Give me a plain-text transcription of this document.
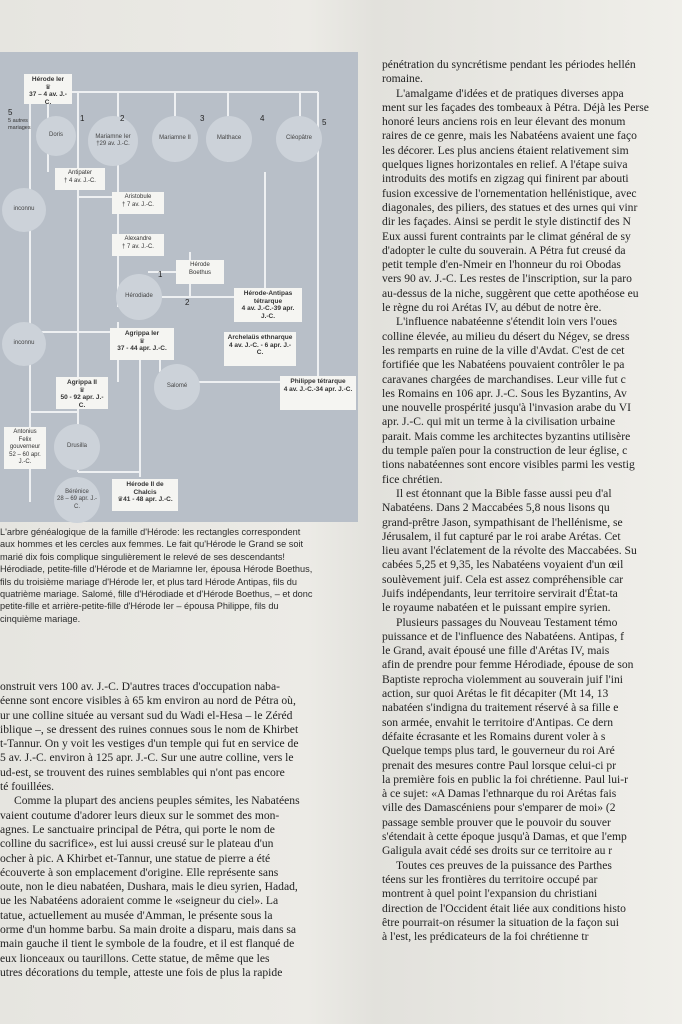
Hérode Ier
♛
37 – 4 av. J.-C.
Antipater
† 4 av. J.-C.
Aristobule
† 7 av. J.-C.
Alexandre
† 7 av. J.-C.
Hérode Boethus
Hérode-Antipas tétrarque
4 av. J.-C.-39 apr. J.-C.
Agrippa Ier
♛
37 - 44 apr. J.-C.
Archelaüs ethnarque
4 av. J.-C. - 6 apr. J.-C.
Agrippa II
♛
50 - 92 apr. J.-C.
Philippe tétrarque
4 av. J.-C.-34 apr. J.-C.
Antonius Felix gouverneur
52 – 60 apr. J.-C.
Hérode II de Chalcis
♛41 - 48 apr. J.-C.
Doris	Mariamne Ier
†29 av. J.-C.
Mariamne II	Malthace	Cléopâtre
inconnu
Hérodiade
inconnu
Salomé
Drusilla
Bérénice
28 – 69 apr. J.-C.
5
5 autres mariages
1	2	3	4	5
1
2

L'arbre généalogique de la famille d'Hérode: les rectangles correspondent

aux hommes et les cercles aux femmes. Le fait qu'Hérode le Grand se soit

marié dix fois complique singulièrement le relevé de ses descendants!

Hérodiade, petite-fille d'Hérode et de Mariamne Ier, épousa Hérode Boethus,

fils du troisième mariage d'Hérode Ier, et plus tard Hérode Antipas, fils du

quatrième mariage. Salomé, fille d'Hérodiade et d'Hérode Boethus, – et donc

petite-fille et arrière-petite-fille d'Hérode Ier – épousa Philippe, fils du

cinquième mariage.

onstruit vers 100 av. J.-C. D'autres traces d'occupation naba-
éenne sont encore visibles à 65 km environ au nord de Pétra où,
ur une colline située au versant sud du Wadi el-Hesa – le Zéréd
iblique –, se dressent des ruines connues sous le nom de Khirbet
t-Tannur. On y voit les vestiges d'un temple qui fut en service de
5 av. J.-C. environ à 125 apr. J.-C. Sur une autre colline, vers le
ud-est, se trouvent des ruines semblables qui n'ont pas encore
té fouillées.
Comme la plupart des anciens peuples sémites, les Nabatéens
vaient coutume d'adorer leurs dieux sur le sommet des mon-
agnes. Le sanctuaire principal de Pétra, qui porte le nom de
colline du sacrifice», est lui aussi creusé sur le plateau d'un
ocher à pic. A Khirbet et-Tannur, une statue de pierre a été
écouverte à son emplacement d'origine. Elle représente sans
oute, non le dieu nabatéen, Dushara, mais le dieu syrien, Hadad,
ue les Nabatéens adoraient comme le «seigneur du ciel». La
tatue, actuellement au musée d'Amman, le présente sous la
orme d'un homme barbu. Sa main droite a disparu, mais dans sa
main gauche il tient le symbole de la foudre, et il est flanqué de
eux lionceaux ou taurillons. Cette statue, de même que les
utres décorations du temple, atteste une fois de plus la rapide
pénétration du syncrétisme pendant les périodes hellén
romaine.
L'amalgame d'idées et de pratiques diverses appa
ment sur les façades des tombeaux à Pétra. Déjà les Perse
honoré leurs anciens rois en leur élevant des monum
raires de ce genre, mais les Nabatéens avaient une faço
les décorer. Les plus anciens étaient relativement sim
quelques lignes horizontales en relief. A l'étape suiva
introduits des motifs en zigzag qui finirent par abouti
fusion excessive de l'ornementation hellénistique, avec
diagonales, des piliers, des statues et des urnes qui vinr
dir les façades. Ainsi se perdit le style distinctif des N
Eux aussi furent contraints par le climat général de sy
d'adopter le culte du souverain. A Pétra fut creusé da
petit temple d'en-Nmeir en l'honneur du roi Obodas
vers 90 av. J.-C. Les restes de l'inscription, sur la paro
au-dessus de la niche, suggèrent que cette apothéose eu
le règne du roi Arétas IV, au début de notre ère.
L'influence nabatéenne s'étendit loin vers l'oues
colline élevée, au milieu du désert du Négev, se dress
les remparts en ruine de la ville d'Avdat. C'est de cet
fortifiée que les Nabatéens pouvaient contrôler le pa
caravanes chargées de marchandises. Leur ville fut c
les Romains en 106 apr. J.-C. Sous les Byzantins, Av
une nouvelle prospérité jusqu'à l'invasion arabe du VI
apr. J.-C. qui mit un terme à la civilisation urbaine
parait. Mais comme les architectes byzantins utilisère
du temple païen pour la construction de leur église, c
tions nabatéennes sont encore visibles parmi les vestig
fice chrétien.
Il est étonnant que la Bible fasse aussi peu d'al
Nabatéens. Dans 2 Maccabées 5,8 nous lisons qu
grand-prêtre Jason, sympathisant de l'hellénisme, se
Jérusalem, il fut capturé par le roi arabe Arétas. Cet
lieu avant l'éclatement de la révolte des Maccabées. Su
cabées 5,25 et 9,35, les Nabatéens voyaient d'un œil
soulèvement juif. Cela est assez compréhensible car
Juifs indépendants, leur territoire servirait d'État-ta
le royaume nabatéen et le puissant empire syrien.
Plusieurs passages du Nouveau Testament témo
puissance et de l'influence des Nabatéens. Antipas, f
le Grand, avait épousé une fille d'Arétas IV, mais
afin de prendre pour femme Hérodiade, épouse de son
Baptiste reprocha violemment au souverain juif l'ini
action, sur quoi Arétas le fit décapiter (Mt 14, 13
nabatéen s'indigna du traitement réservé à sa fille e
son armée, envahit le territoire d'Antipas. Ce dern
défaite écrasante et les Romains durent voler à s
Quelque temps plus tard, le gouverneur du roi Aré
prenait des mesures contre Paul lorsque celui-ci pr
la première fois en public la foi chrétienne. Paul lui-r
à ce sujet: «A Damas l'ethnarque du roi Arétas fais
ville des Damascéniens pour s'emparer de moi» (2
passage semble prouver que le pouvoir du souver
s'étendait à cette époque jusqu'à Damas, et que l'emp
Galigula avait cédé ses droits sur ce territoire au r
Toutes ces preuves de la puissance des Parthes
téens sur les frontières du territoire occupé par
montrent à quel point l'expansion du christiani
direction de l'Occident était liée aux conditions histo
être pourrait-on résumer la situation de la façon sui
à l'est, les prédicateurs de la foi chrétienne tr
